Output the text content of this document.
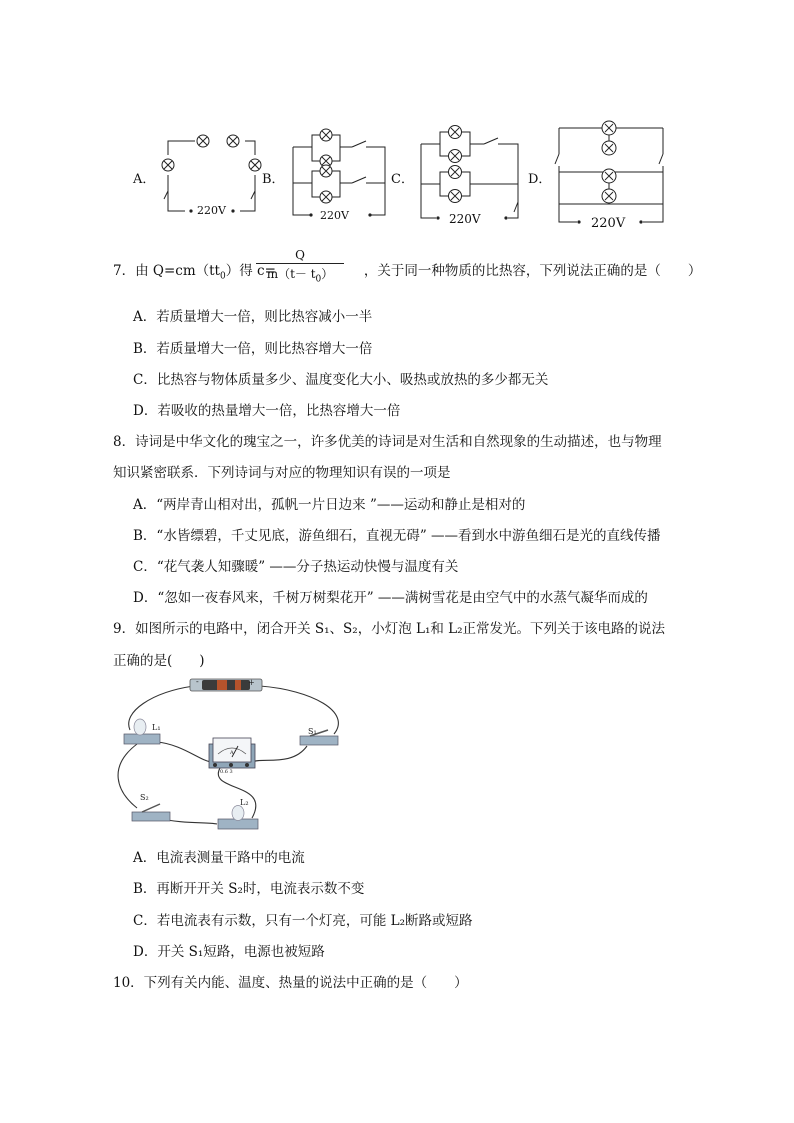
A．	B．	C．	D．
220V	220V	220V	220V
7．由 $Q=cm(tt_0)$得 c=	，关于同一种物质的比热容，下列说法正确的是（　　）
$\frac{Q}{m(t- t_0)}$
A．若质量增大一倍，则比热容减小一半
B．若质量增大一倍，则比热容增大一倍
C．比热容与物体质量多少、温度变化大小、吸热或放热的多少都无关
D．若吸收的热量增大一倍，比热容增大一倍
8．诗词是中华文化的瑰宝之一，许多优美的诗词是对生活和自然现象的生动描述，也与物理
知识紧密联系．下列诗词与对应的物理知识有误的一项是
A．“两岸青山相对出，孤帆一片日边来 ”——运动和静止是相对的
B．“水皆缥碧，千丈见底，游鱼细石，直视无碍” ——看到水中游鱼细石是光的直线传播
C．“花气袭人知骤暖” ——分子热运动快慢与温度有关
D．“忽如一夜春风来，千树万树梨花开” ——满树雪花是由空气中的水蒸气凝华而成的
9．如图所示的电路中，闭合开关 S₁、S₂，小灯泡 L₁和 L₂正常发光。下列关于该电路的说法
正确的是(　　)
-	+
L₁	S₁
S₂
L₂
A
0.6 3
A．电流表测量干路中的电流
B．再断开开关 S₂时，电流表示数不变
C．若电流表有示数，只有一个灯亮，可能 L₂断路或短路
D．开关 S₁短路，电源也被短路
10．下列有关内能、温度、热量的说法中正确的是（　　）
